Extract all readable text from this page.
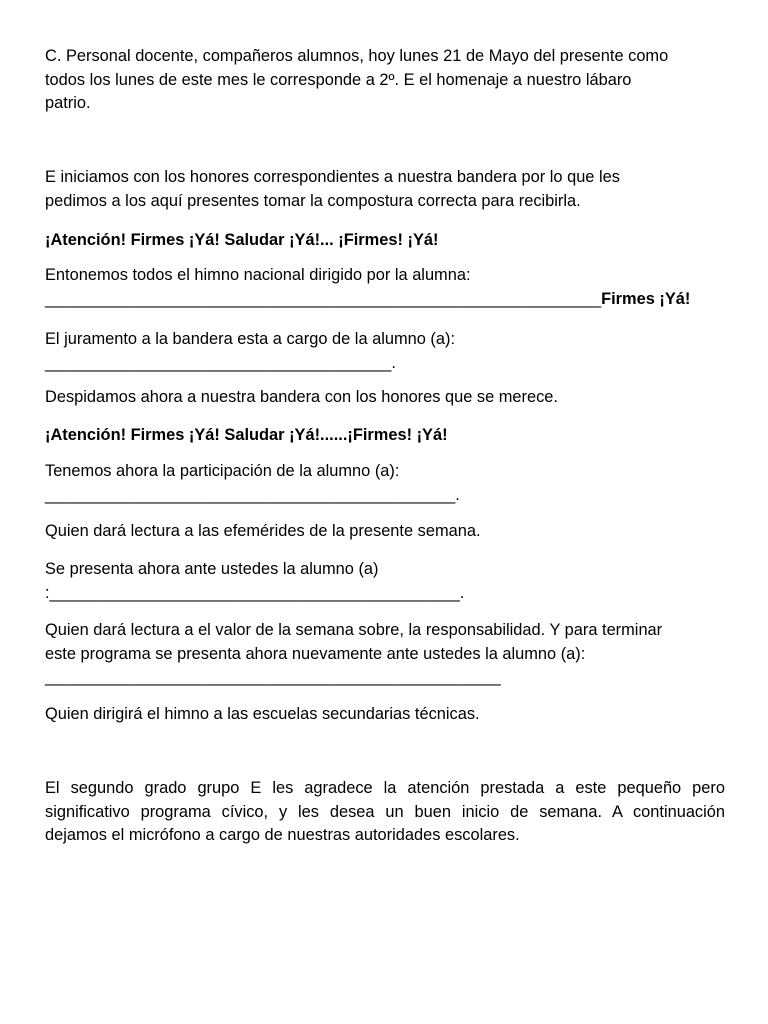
C. Personal docente, compañeros alumnos, hoy lunes 21 de Mayo del presente como
todos los lunes de este mes le corresponde a 2º. E el homenaje a nuestro lábaro
patrio.
E iniciamos con los honores correspondientes a nuestra bandera por lo que les
pedimos a los aquí presentes tomar la compostura correcta para recibirla.
¡Atención! Firmes ¡Yá! Saludar ¡Yá!... ¡Firmes! ¡Yá!
Entonemos todos el himno nacional dirigido por la alumna:
_____________________________________________________________Firmes ¡Yá!
El juramento a la bandera esta a cargo de la alumno (a):
______________________________________.
Despidamos ahora a nuestra bandera con los honores que se merece.
¡Atención! Firmes ¡Yá! Saludar ¡Yá!......¡Firmes! ¡Yá!
Tenemos ahora la participación de la alumno (a):
_____________________________________________.
Quien dará lectura a las efemérides de la presente semana.
Se presenta ahora ante ustedes la alumno (a)
:_____________________________________________.
Quien dará lectura a el valor de la semana sobre, la responsabilidad. Y para terminar
este programa se presenta ahora nuevamente ante ustedes la alumno (a):
__________________________________________________
Quien dirigirá el himno a las escuelas secundarias técnicas.
El segundo grado grupo E les agradece la atención prestada a este pequeño pero
significativo programa cívico, y les desea un buen inicio de semana. A continuación
dejamos el micrófono a cargo de nuestras autoridades escolares.
